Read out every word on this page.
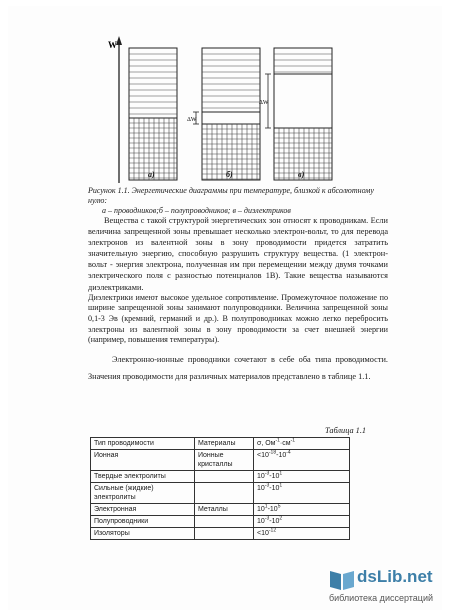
W
а)
ΔW
б)
ΔW
в)
Рисунок 1.1. Энергетические диаграммы при температуре, близкой к абсолютному нулю:
а – проводников;б – полупроводников; в – диэлектриков

Вещества с такой структурой энергетических зон относят к проводникам. Если величина запрещенной зоны превышает несколько электрон-вольт, то для перевода электронов из валентной зоны в зону проводимости придется затратить значительную энергию, способную разрушить структуру вещества. (1 электрон-вольт - энергия электрона, полученная им при перемещении между двумя точками электрического поля с разностью потенциалов 1В). Такие вещества называются диэлектриками.

Диэлектрики имеют высокое удельное сопротивление. Промежуточное положение по ширине запрещенной зоны занимают полупроводники. Величина запрещенной зоны 0,1-3 Эв (кремний, германий и др.). В полупроводниках можно легко перебросить электроны из валентной зоны в зону проводимости за счет внешней энергии (например, повышения температуры).

Электронно-ионные проводники сочетают в себе оба типа проводимости. Значения проводимости для различных материалов представлено в таблице 1.1.

Таблица 1.1
Тип проводимости	Материалы	σ, $Ом^{-1}\cdot см^{-1}$
Ионная	Ионные кристаллы	$<10^{-18}-10^{-4}$
Твердые электролиты		$10^{-3}-10^1$
Сильные (жидкие) электролиты		$10^{-3}-10^1$
Электронная	Металлы	$10^1-10^5$
Полупроводники		$10^{-3}-10^2$
Изоляторы		$<10^{-12}$
dsLib.net
библиотека диссертаций
